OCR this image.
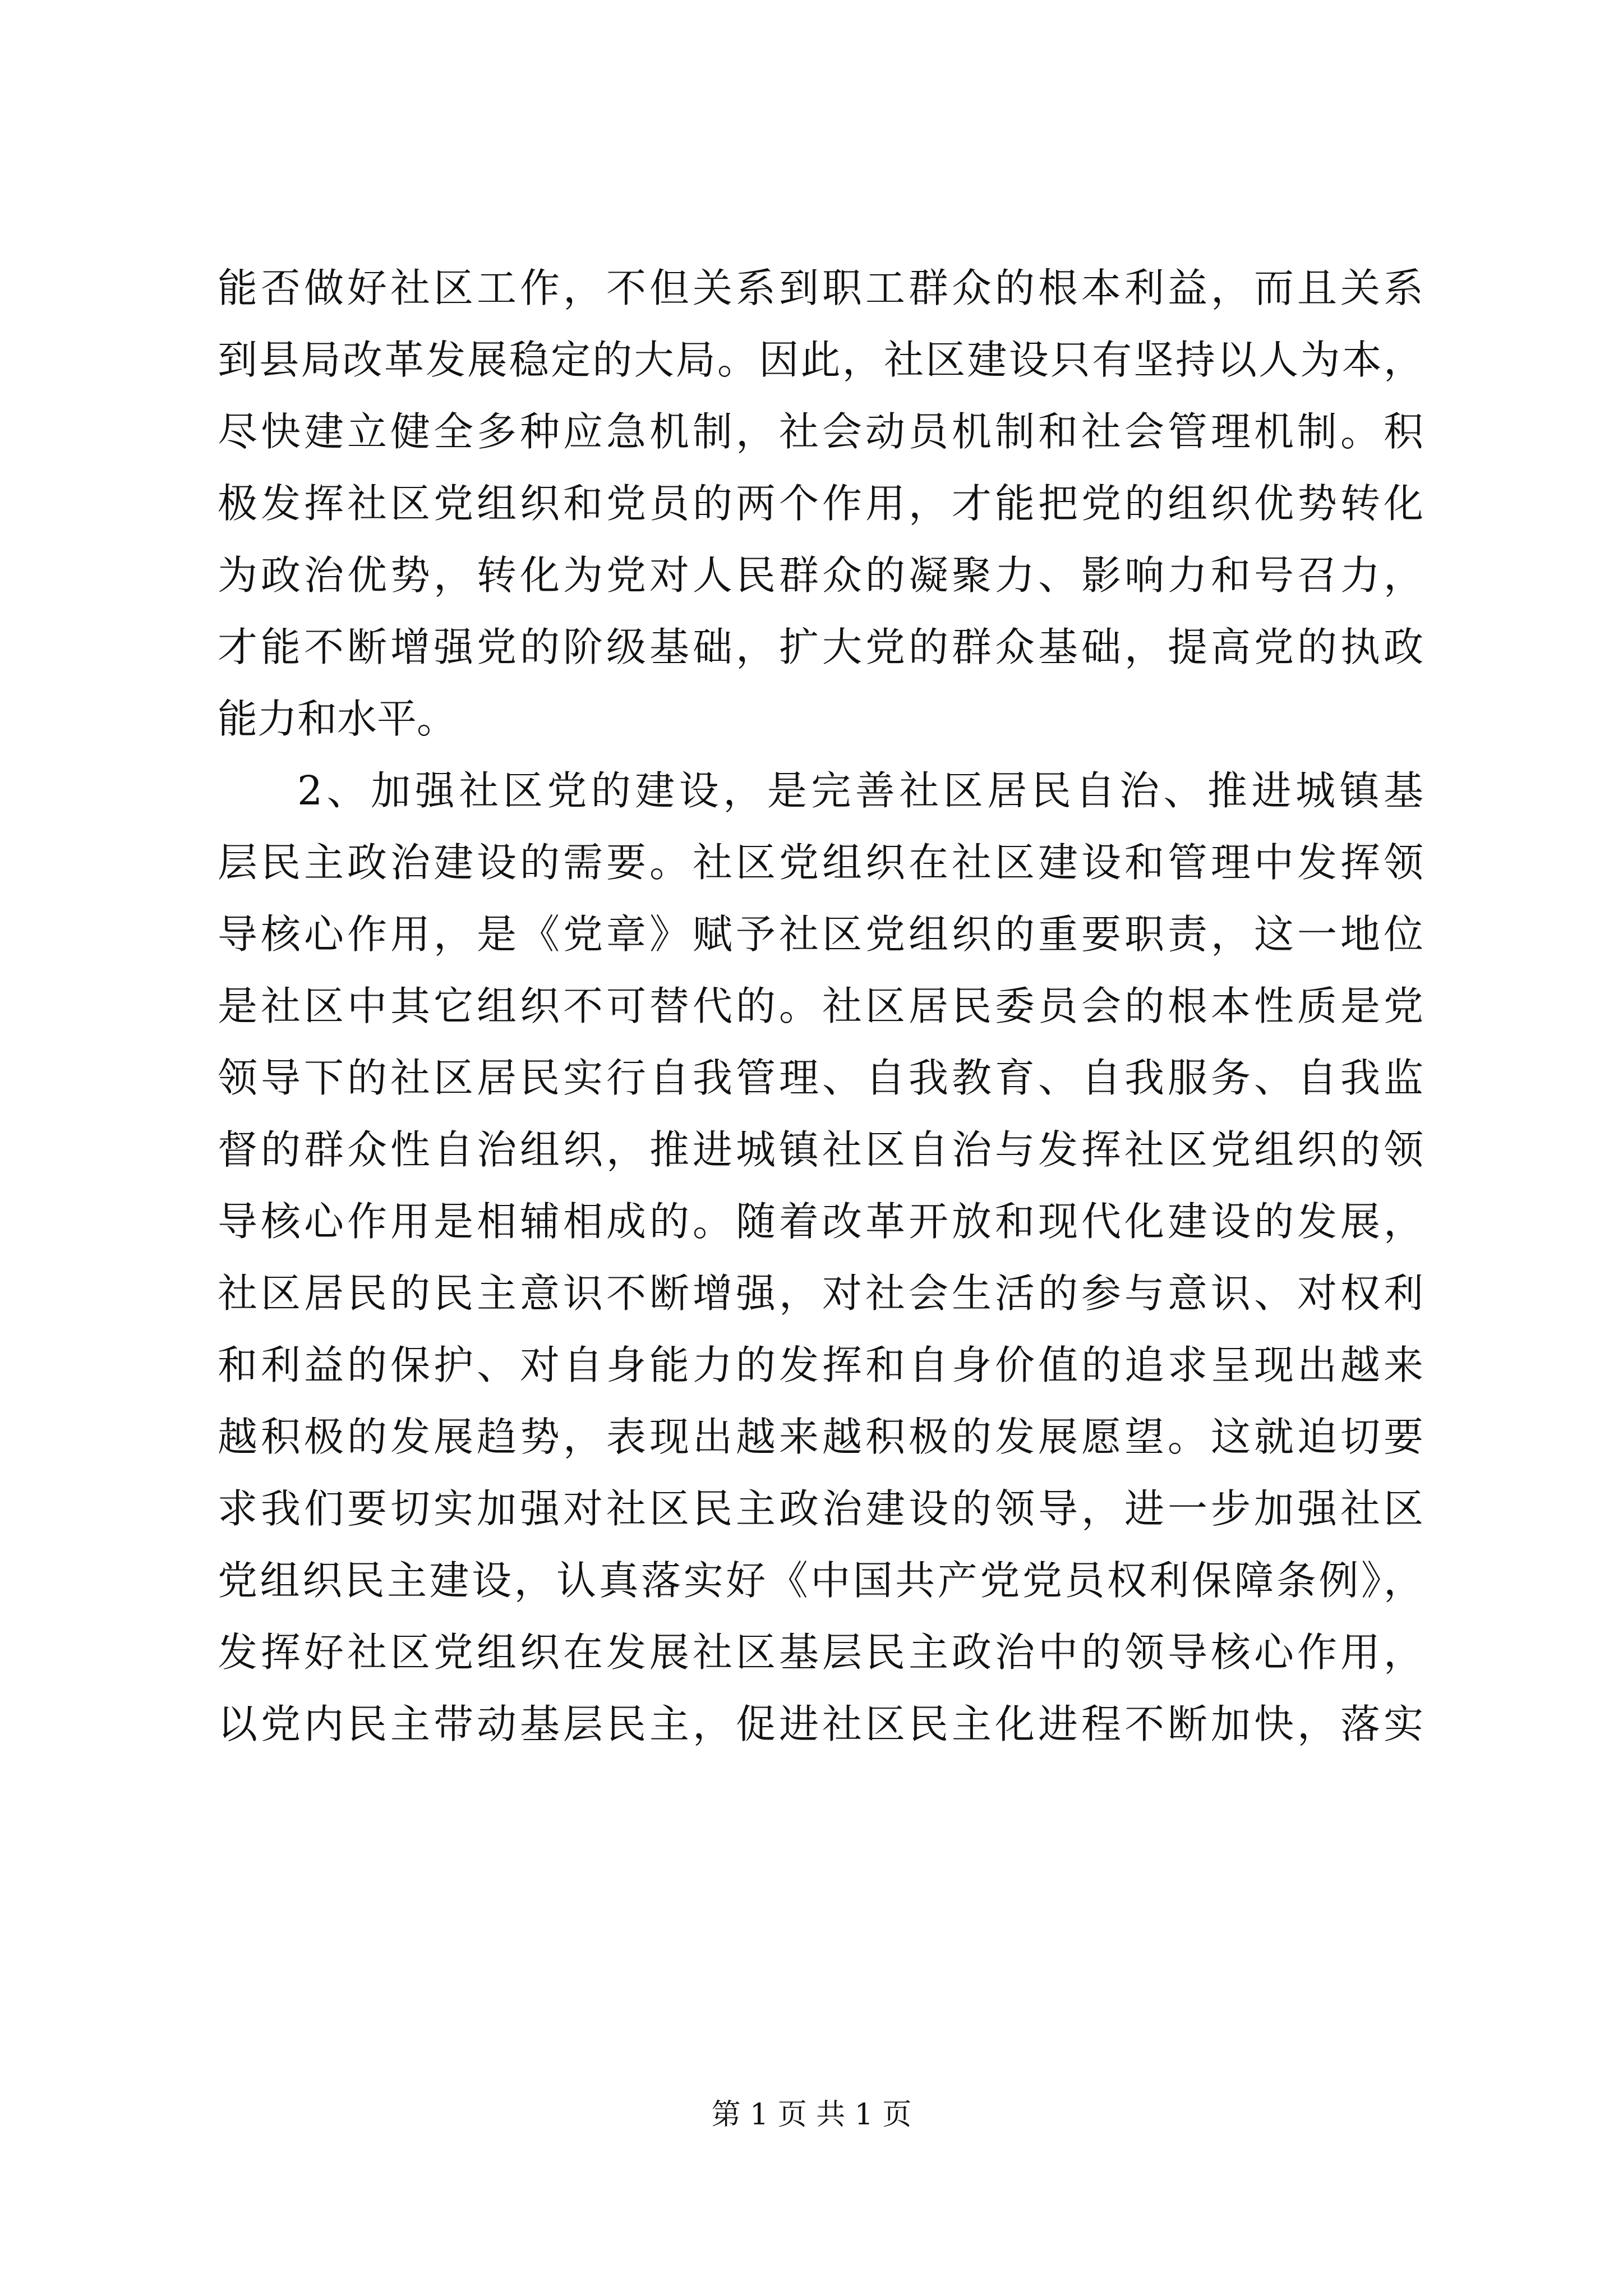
能否做好社区工作，不但关系到职工群众的根本利益，而且关系
到县局改革发展稳定的大局。因此，社区建设只有坚持以人为本，
尽快建立健全多种应急机制，社会动员机制和社会管理机制。积
极发挥社区党组织和党员的两个作用，才能把党的组织优势转化
为政治优势，转化为党对人民群众的凝聚力、影响力和号召力，
才能不断增强党的阶级基础，扩大党的群众基础，提高党的执政
能力和水平。
2、加强社区党的建设，是完善社区居民自治、推进城镇基
层民主政治建设的需要。社区党组织在社区建设和管理中发挥领
导核心作用，是《党章》赋予社区党组织的重要职责，这一地位
是社区中其它组织不可替代的。社区居民委员会的根本性质是党
领导下的社区居民实行自我管理、自我教育、自我服务、自我监
督的群众性自治组织，推进城镇社区自治与发挥社区党组织的领
导核心作用是相辅相成的。随着改革开放和现代化建设的发展，
社区居民的民主意识不断增强，对社会生活的参与意识、对权利
和利益的保护、对自身能力的发挥和自身价值的追求呈现出越来
越积极的发展趋势，表现出越来越积极的发展愿望。这就迫切要
求我们要切实加强对社区民主政治建设的领导，进一步加强社区
党组织民主建设，认真落实好《中国共产党党员权利保障条例》，
发挥好社区党组织在发展社区基层民主政治中的领导核心作用，
以党内民主带动基层民主，促进社区民主化进程不断加快，落实
第 1 页 共 1 页
